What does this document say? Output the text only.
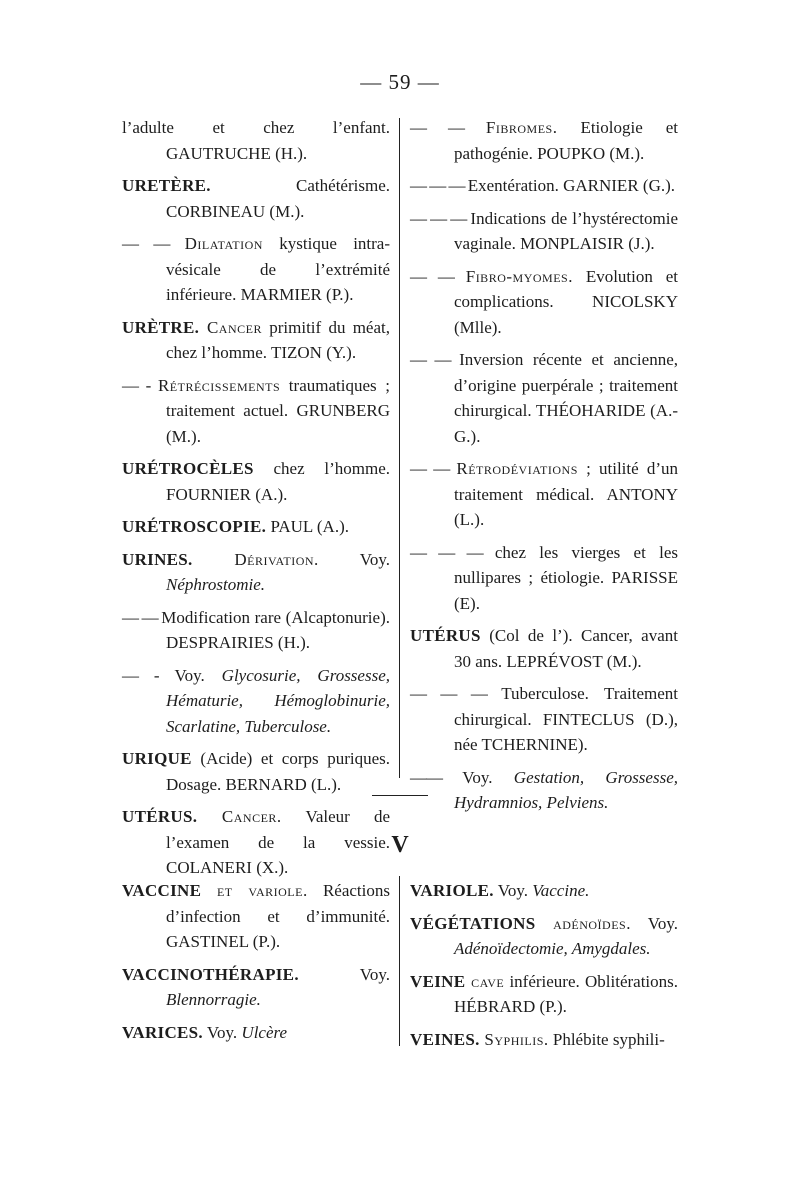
— 59 —

l’adulte et chez l’enfant. GAUTRUCHE (H.).

URETÈRE. Cathétérisme. CORBINEAU (M.).

— — Dilatation kystique intra-vésicale de l’extrémité inférieure. MARMIER (P.).

URÈTRE. Cancer primitif du méat, chez l’homme. TIZON (Y.).

— - Rétrécissements traumatiques ; traitement actuel. GRUNBERG (M.).

URÉTROCÈLES chez l’homme. FOURNIER (A.).

URÉTROSCOPIE. PAUL (A.).

URINES. Dérivation. Voy. Néphrostomie.

— — Modification rare (Alcaptonurie). DESPRAIRIES (H.).

— - Voy. Glycosurie, Grossesse, Hématurie, Hémoglobinurie, Scarlatine, Tuberculose.

URIQUE (Acide) et corps puriques. Dosage. BERNARD (L.).

UTÉRUS. Cancer. Valeur de l’examen de la vessie. COLANERI (X.).

— — Fibromes. Etiologie et pathogénie. POUPKO (M.).

— — — Exentération. GARNIER (G.).

— — — Indications de l’hystérectomie vaginale. MONPLAISIR (J.).

— — Fibro-myomes. Evolution et complications. NICOLSKY (Mlle).

— — Inversion récente et ancienne, d’origine puerpérale ; traitement chirurgical. THÉOHARIDE (A.-G.).

— — Rétrodéviations ; utilité d’un traitement médical. ANTONY (L.).

— — — chez les vierges et les nullipares ; étiologie. PARISSE (E).

UTÉRUS (Col de l’). Cancer, avant 30 ans. LEPRÉVOST (M.).

— — — Tuberculose. Traitement chirurgical. FINTECLUS (D.), née TCHERNINE).

—— Voy. Gestation, Grossesse, Hydramnios, Pelviens.

V

VACCINE et variole. Réactions d’infection et d’immunité. GASTINEL (P.).

VACCINOTHÉRAPIE. Voy. Blennorragie.

VARICES. Voy. Ulcère

VARIOLE. Voy. Vaccine.

VÉGÉTATIONS adénoïdes. Voy. Adénoïdectomie, Amygdales.

VEINE cave inférieure. Oblitérations. HÉBRARD (P.).

VEINES. Syphilis. Phlébite syphili-
